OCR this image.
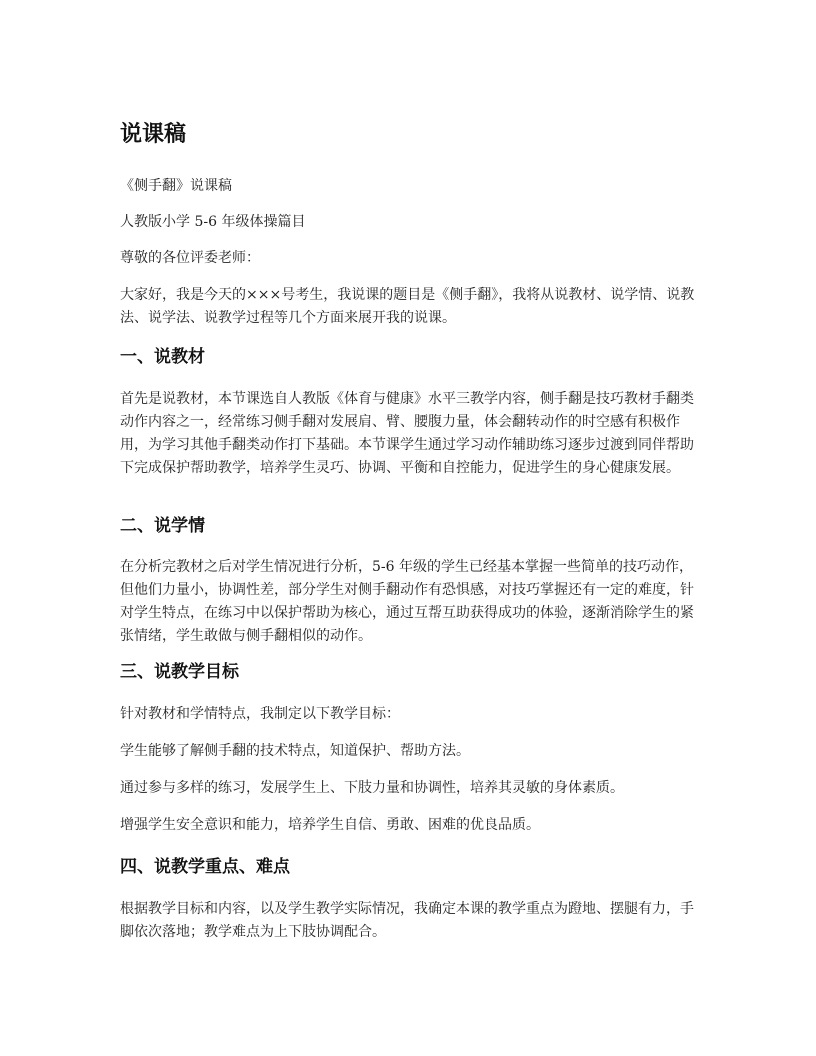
说课稿

《侧手翻》说课稿

人教版小学 5-6 年级体操篇目

尊敬的各位评委老师：

大家好，我是今天的×××号考生，我说课的题目是《侧手翻》，我将从说教材、说学情、说教法、说学法、说教学过程等几个方面来展开我的说课。

一、说教材

首先是说教材，本节课选自人教版《体育与健康》水平三教学内容，侧手翻是技巧教材手翻类动作内容之一，经常练习侧手翻对发展肩、臂、腰腹力量，体会翻转动作的时空感有积极作用，为学习其他手翻类动作打下基础。本节课学生通过学习动作辅助练习逐步过渡到同伴帮助下完成保护帮助教学，培养学生灵巧、协调、平衡和自控能力，促进学生的身心健康发展。

二、说学情

在分析完教材之后对学生情况进行分析，5-6 年级的学生已经基本掌握一些简单的技巧动作，但他们力量小，协调性差，部分学生对侧手翻动作有恐惧感，对技巧掌握还有一定的难度，针对学生特点，在练习中以保护帮助为核心，通过互帮互助获得成功的体验，逐渐消除学生的紧张情绪，学生敢做与侧手翻相似的动作。

三、说教学目标

针对教材和学情特点，我制定以下教学目标：

学生能够了解侧手翻的技术特点，知道保护、帮助方法。

通过参与多样的练习，发展学生上、下肢力量和协调性，培养其灵敏的身体素质。

增强学生安全意识和能力，培养学生自信、勇敢、困难的优良品质。

四、说教学重点、难点

根据教学目标和内容，以及学生教学实际情况，我确定本课的教学重点为蹬地、摆腿有力，手脚依次落地；教学难点为上下肢协调配合。
